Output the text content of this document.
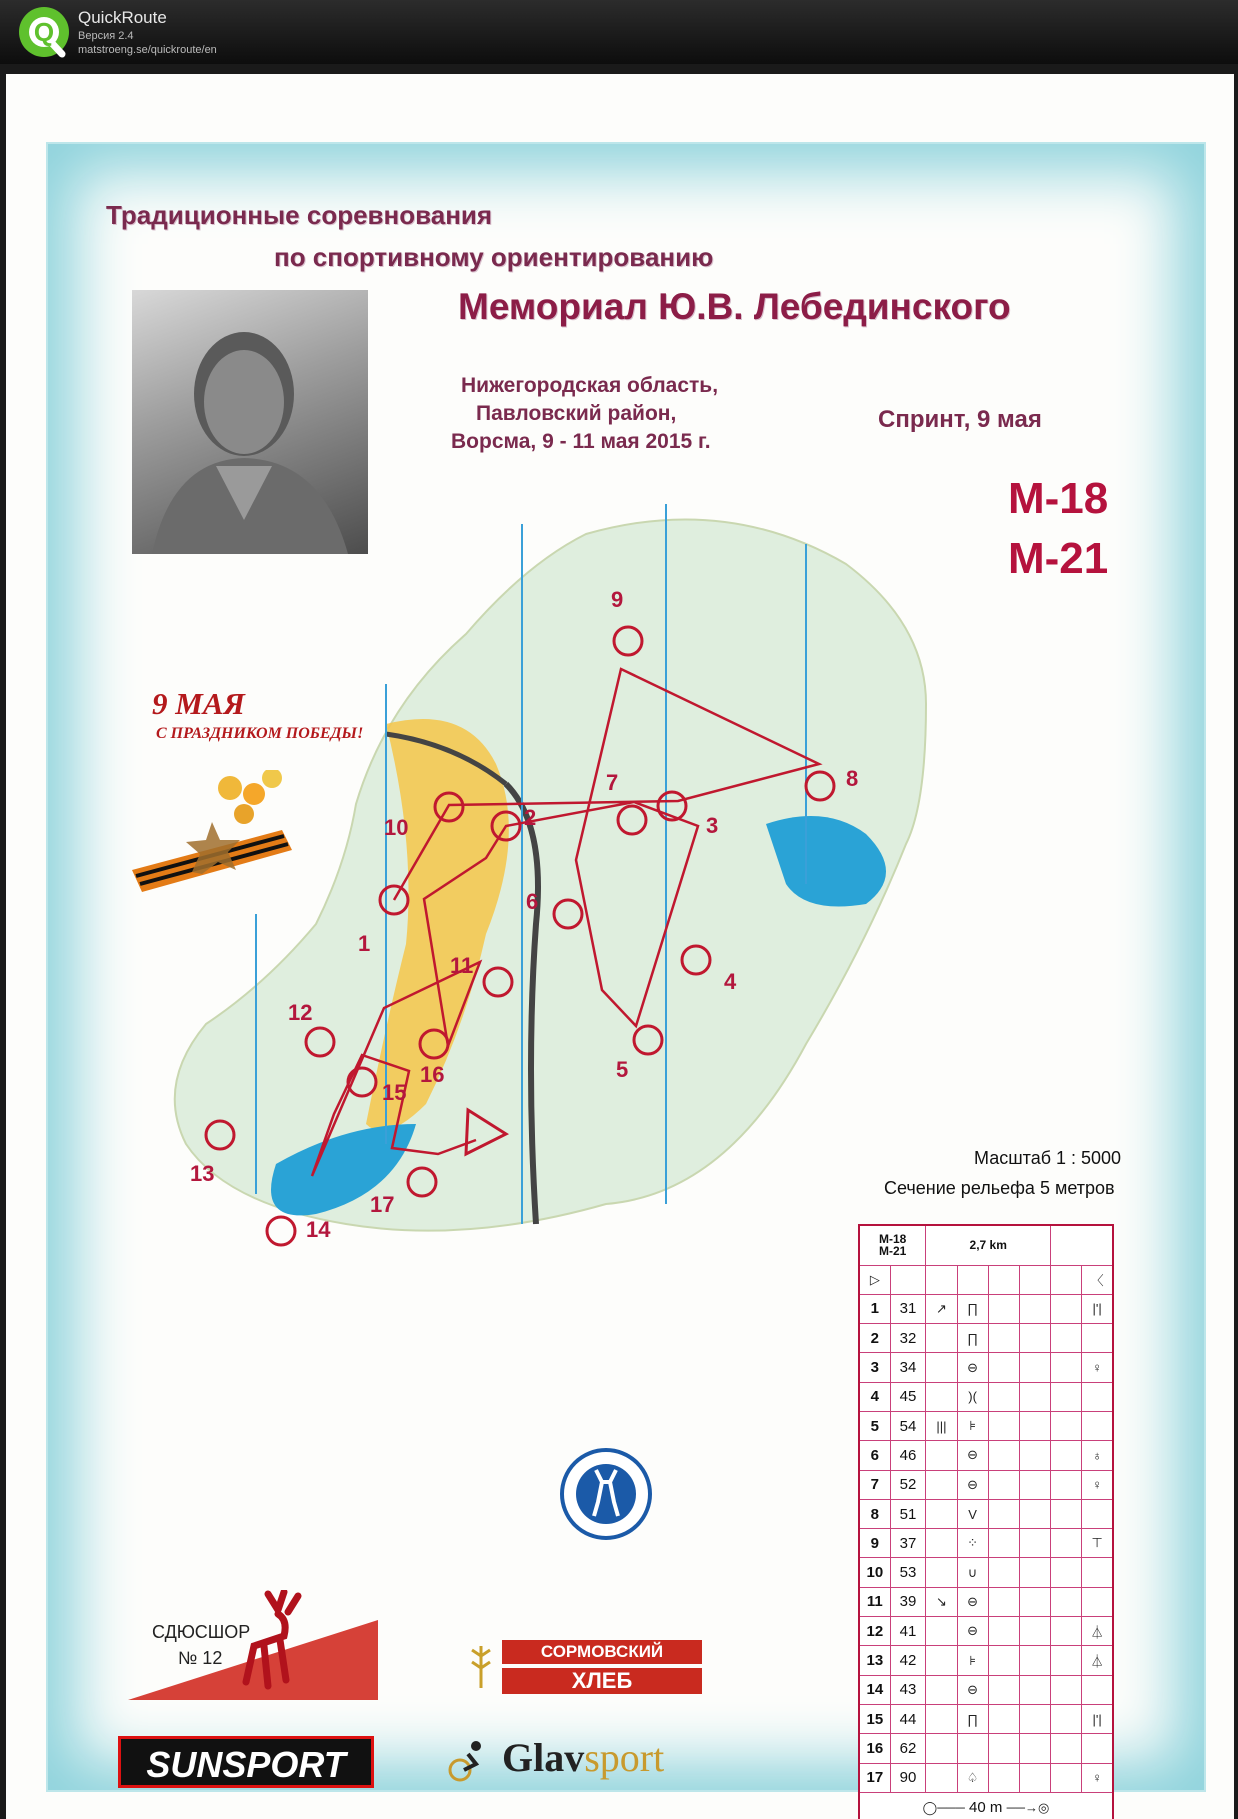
Q QuickRoute
Версия 2.4
matstroeng.se/quickroute/en
Традиционные соревнования
по спортивному ориентированию
Мемориал Ю.В. Лебединского
Нижегородская область,
Павловский район,
Ворсма, 9 - 11 мая 2015 г.
Спринт, 9 мая
М-18
М-21
9 МАЯ
С ПРАЗДНИКОМ ПОБЕДЫ!
1
2	3
4
5
6
7	8
9
10
11
12
13
14
15
16
17
Масштаб 1 : 5000
Сечение рельефа 5 метров
М-18
М-21		2,7 km					
▷							〈
1	31	↗	∏				|'|
2	32		∏				
3	34		⊖				♀
4	45		)(				
5	54	|||	⊧				
6	46		⊖				♁
7	52		⊖				♀
8	51		V				
9	37		⁘				⊤
10	53		∪				
11	39	↘	⊖				
12	41		⊖				⏃
13	42		⊧				⏃
14	43		⊖				
15	44		∏				|'|
16	62						
17	90		♤				♀
◯─── 40 m ──→◎							
СДЮСШОР
№ 12	СОРМОВСКИЙ
ХЛЕБ
SUNSPORT	Glavsport
